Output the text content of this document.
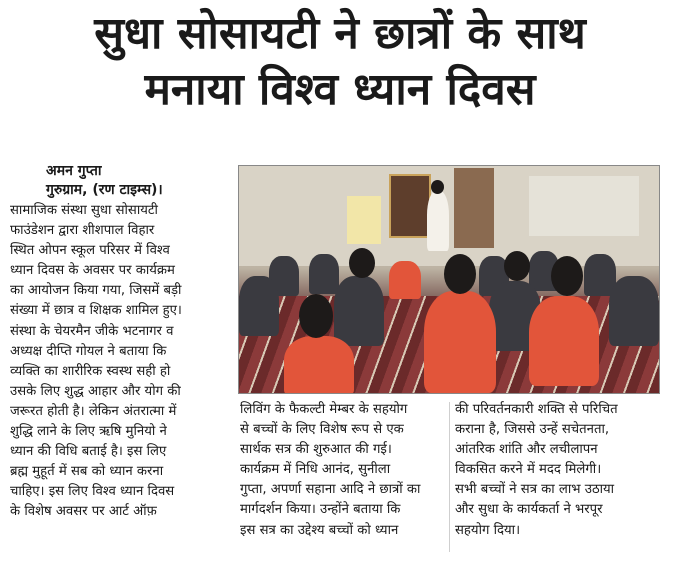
सुधा सोसायटी ने छात्रों के साथ
मनाया विश्व ध्यान दिवस
अमन गुप्ता
गुरुग्राम, (रण टाइम्स)।
सामाजिक संस्था सुधा सोसायटी
फाउंडेशन द्वारा शीशपाल विहार
स्थित ओपन स्कूल परिसर में विश्व
ध्यान दिवस के अवसर पर कार्यक्रम
का आयोजन किया गया, जिसमें बड़ी
संख्या में छात्र व शिक्षक शामिल हुए।
संस्था के चेयरमैन जीके भटनागर व
अध्यक्ष दीप्ति गोयल ने बताया कि
व्यक्ति का शारीरिक स्वस्थ सही हो
उसके लिए शुद्ध आहार और योग की
जरूरत होती है। लेकिन अंतरात्मा में
शुद्धि लाने के लिए ऋषि मुनियो ने
ध्यान की विधि बताई है। इस लिए
ब्रह्म मुहूर्त में सब को ध्यान करना
चाहिए। इस लिए विश्व ध्यान दिवस
के विशेष अवसर पर आर्ट ऑफ़
लिविंग के फैकल्टी मेम्बर के सहयोग
से बच्चों के लिए विशेष रूप से एक
सार्थक सत्र की शुरुआत की गई।
कार्यक्रम में निधि आनंद, सुनीला
गुप्ता, अपर्णा सहाना आदि ने छात्रों का
मार्गदर्शन किया। उन्होंने बताया कि
इस सत्र का उद्देश्य बच्चों को ध्यान
की परिवर्तनकारी शक्ति से परिचित
कराना है, जिससे उन्हें सचेतनता,
आंतरिक शांति और लचीलापन
विकसित करने में मदद मिलेगी।
सभी बच्चों ने सत्र का लाभ उठाया
और सुधा के कार्यकर्ता ने भरपूर
सहयोग दिया।
